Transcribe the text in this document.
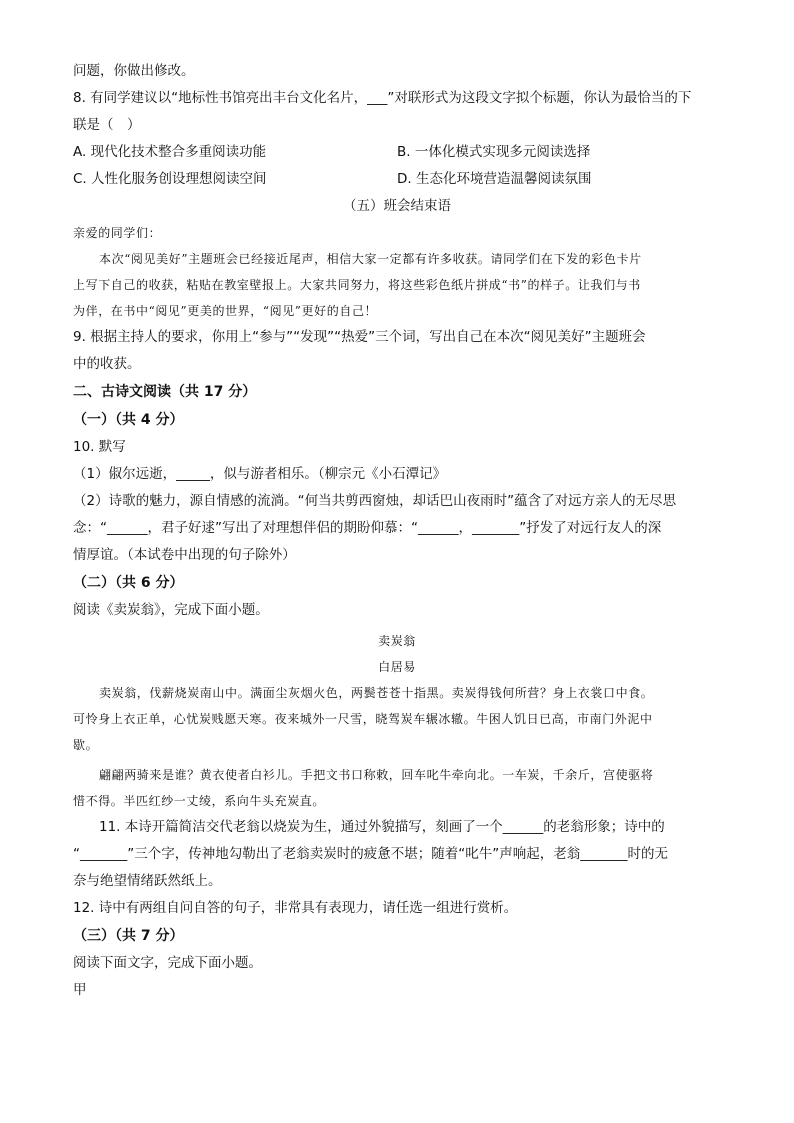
问题，你做出修改。
8. 有同学建议以“地标性书馆亮出丰台文化名片，___”对联形式为这段文字拟个标题，你认为最恰当的下
联是（　）
A. 现代化技术整合多重阅读功能	B. 一体化模式实现多元阅读选择
C. 人性化服务创设理想阅读空间	D. 生态化环境营造温馨阅读氛围
（五）班会结束语
亲爱的同学们：
本次“阅见美好”主题班会已经接近尾声，相信大家一定都有许多收获。请同学们在下发的彩色卡片
上写下自己的收获，粘贴在教室壁报上。大家共同努力，将这些彩色纸片拼成“书”的样子。让我们与书
为伴，在书中“阅见”更美的世界，“阅见”更好的自己！
9. 根据主持人的要求，你用上“参与”“发现”“热爱”三个词，写出自己在本次“阅见美好”主题班会
中的收获。
二、古诗文阅读（共 17 分）
（一）（共 4 分）
10. 默写
（1）俶尔远逝，_____，似与游者相乐。（柳宗元《小石潭记》
（2）诗歌的魅力，源自情感的流淌。“何当共剪西窗烛，却话巴山夜雨时”蕴含了对远方亲人的无尽思
念：“______，君子好逑”写出了对理想伴侣的期盼仰慕：“______，_______”抒发了对远行友人的深
情厚谊。（本试卷中出现的句子除外）
（二）（共 6 分）
阅读《卖炭翁》，完成下面小题。
卖炭翁
白居易
卖炭翁，伐薪烧炭南山中。满面尘灰烟火色，两鬓苍苍十指黑。卖炭得钱何所营？身上衣裳口中食。
可怜身上衣正单，心忧炭贱愿天寒。夜来城外一尺雪，晓驾炭车辗冰辙。牛困人饥日已高，市南门外泥中
歇。
翩翩两骑来是谁？黄衣使者白衫儿。手把文书口称敕，回车叱牛牵向北。一车炭，千余斤，宫使驱将
惜不得。半匹红纱一丈绫，系向牛头充炭直。
11. 本诗开篇简洁交代老翁以烧炭为生，通过外貌描写，刻画了一个______的老翁形象；诗中的
“_______”三个字，传神地勾勒出了老翁卖炭时的疲惫不堪；随着“叱牛”声响起，老翁_______时的无
奈与绝望情绪跃然纸上。
12. 诗中有两组自问自答的句子，非常具有表现力，请任选一组进行赏析。
（三）（共 7 分）
阅读下面文字，完成下面小题。
甲
